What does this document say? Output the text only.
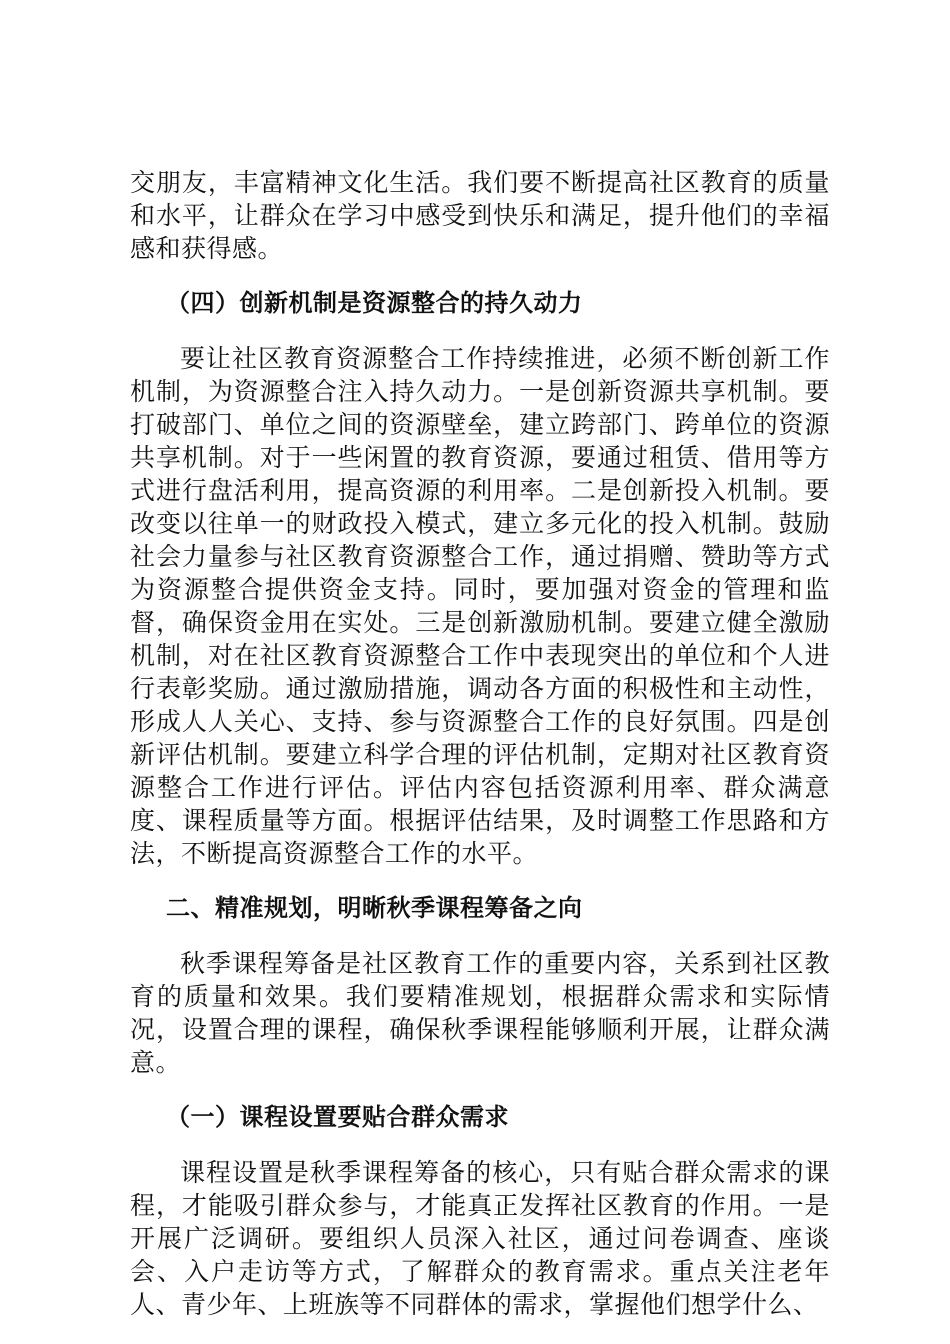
交朋友，丰富精神文化生活。我们要不断提高社区教育的质量和水平，让群众在学习中感受到快乐和满足，提升他们的幸福感和获得感。

（四）创新机制是资源整合的持久动力

要让社区教育资源整合工作持续推进，必须不断创新工作机制，为资源整合注入持久动力。一是创新资源共享机制。要打破部门、单位之间的资源壁垒，建立跨部门、跨单位的资源共享机制。对于一些闲置的教育资源，要通过租赁、借用等方式进行盘活利用，提高资源的利用率。二是创新投入机制。要改变以往单一的财政投入模式，建立多元化的投入机制。鼓励社会力量参与社区教育资源整合工作，通过捐赠、赞助等方式为资源整合提供资金支持。同时，要加强对资金的管理和监督，确保资金用在实处。三是创新激励机制。要建立健全激励机制，对在社区教育资源整合工作中表现突出的单位和个人进行表彰奖励。通过激励措施，调动各方面的积极性和主动性，形成人人关心、支持、参与资源整合工作的良好氛围。四是创新评估机制。要建立科学合理的评估机制，定期对社区教育资源整合工作进行评估。评估内容包括资源利用率、群众满意度、课程质量等方面。根据评估结果，及时调整工作思路和方法，不断提高资源整合工作的水平。

二、精准规划，明晰秋季课程筹备之向

秋季课程筹备是社区教育工作的重要内容，关系到社区教育的质量和效果。我们要精准规划，根据群众需求和实际情况，设置合理的课程，确保秋季课程能够顺利开展，让群众满意。

（一）课程设置要贴合群众需求

课程设置是秋季课程筹备的核心，只有贴合群众需求的课程，才能吸引群众参与，才能真正发挥社区教育的作用。一是开展广泛调研。要组织人员深入社区，通过问卷调查、座谈会、入户走访等方式，了解群众的教育需求。重点关注老年人、青少年、上班族等不同群体的需求，掌握他们想学什么、
